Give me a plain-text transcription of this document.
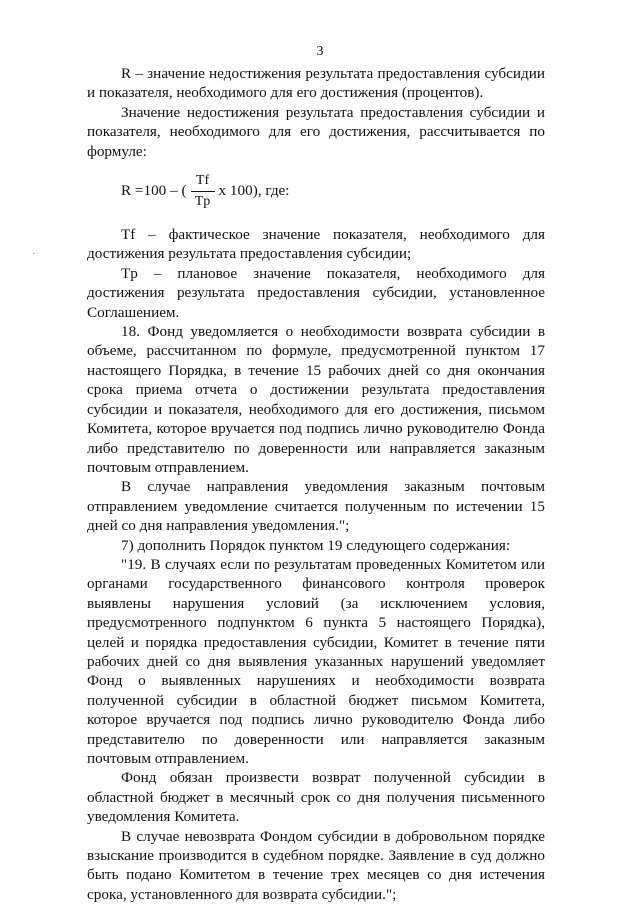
3
·

R – значение недостижения результата предоставления субсидии и показателя, необходимого для его достижения (процентов).

Значение недостижения результата предоставления субсидии и показателя, необходимого для его достижения, рассчитывается по формуле:

R =100 – ( $\frac{Tf}{Tp}$ x 100), где:

Tf – фактическое значение показателя, необходимого для достижения результата предоставления субсидии;

Tp – плановое значение показателя, необходимого для достижения результата предоставления субсидии, установленное Соглашением.

18. Фонд уведомляется о необходимости возврата субсидии в объеме, рассчитанном по формуле, предусмотренной пунктом 17 настоящего Порядка, в течение 15 рабочих дней со дня окончания срока приема отчета о достижении результата предоставления субсидии и показателя, необходимого для его достижения, письмом Комитета, которое вручается под подпись лично руководителю Фонда либо представителю по доверенности или направляется заказным почтовым отправлением.

В случае направления уведомления заказным почтовым отправлением уведомление считается полученным по истечении 15 дней со дня направления уведомления.";

7) дополнить Порядок пунктом 19 следующего содержания:

"19. В случаях если по результатам проведенных Комитетом или органами государственного финансового контроля проверок выявлены нарушения условий (за исключением условия, предусмотренного подпунктом 6 пункта 5 настоящего Порядка), целей и порядка предоставления субсидии, Комитет в течение пяти рабочих дней со дня выявления указанных нарушений уведомляет Фонд о выявленных нарушениях и необходимости возврата полученной субсидии в областной бюджет письмом Комитета, которое вручается под подпись лично руководителю Фонда либо представителю по доверенности или направляется заказным почтовым отправлением.

Фонд обязан произвести возврат полученной субсидии в областной бюджет в месячный срок со дня получения письменного уведомления Комитета.

В случае невозврата Фондом субсидии в добровольном порядке взыскание производится в судебном порядке. Заявление в суд должно быть подано Комитетом в течение трех месяцев со дня истечения срока, установленного для возврата субсидии.";
